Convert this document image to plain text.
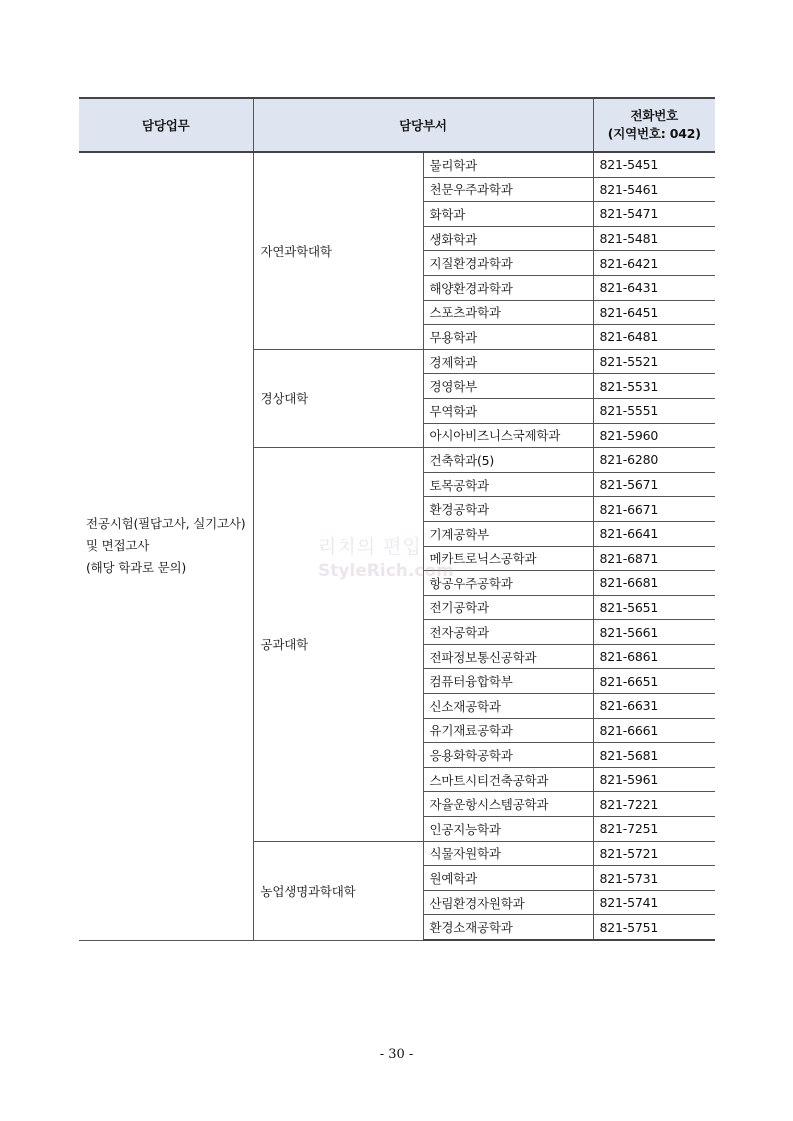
담당업무	담당부서		전화번호
(지역번호: 042)

전공시험(필답고사, 실기고사)
및 면접고사
(해당 학과로 문의)	자연과학대학	물리학과	821-5451
		천문우주과학과	821-5461
		화학과	821-5471
		생화학과	821-5481
		지질환경과학과	821-6421
		해양환경과학과	821-6431
		스포츠과학과	821-6451
		무용학과	821-6481
	경상대학	경제학과	821-5521
		경영학부	821-5531
		무역학과	821-5551
		아시아비즈니스국제학과	821-5960
	공과대학	건축학과(5)	821-6280
		토목공학과	821-5671
		환경공학과	821-6671
		기계공학부	821-6641
		메카트로닉스공학과	821-6871
		항공우주공학과	821-6681
		전기공학과	821-5651
		전자공학과	821-5661
		전파정보통신공학과	821-6861
		컴퓨터융합학부	821-6651
		신소재공학과	821-6631
		유기재료공학과	821-6661
		응용화학공학과	821-5681
		스마트시티건축공학과	821-5961
		자율운항시스템공학과	821-7221
		인공지능학과	821-7251
	농업생명과학대학	식물자원학과	821-5721
		원예학과	821-5731
		산림환경자원학과	821-5741
		환경소재공학과	821-5751
리치의 편입
StyleRich.com
- 30 -
